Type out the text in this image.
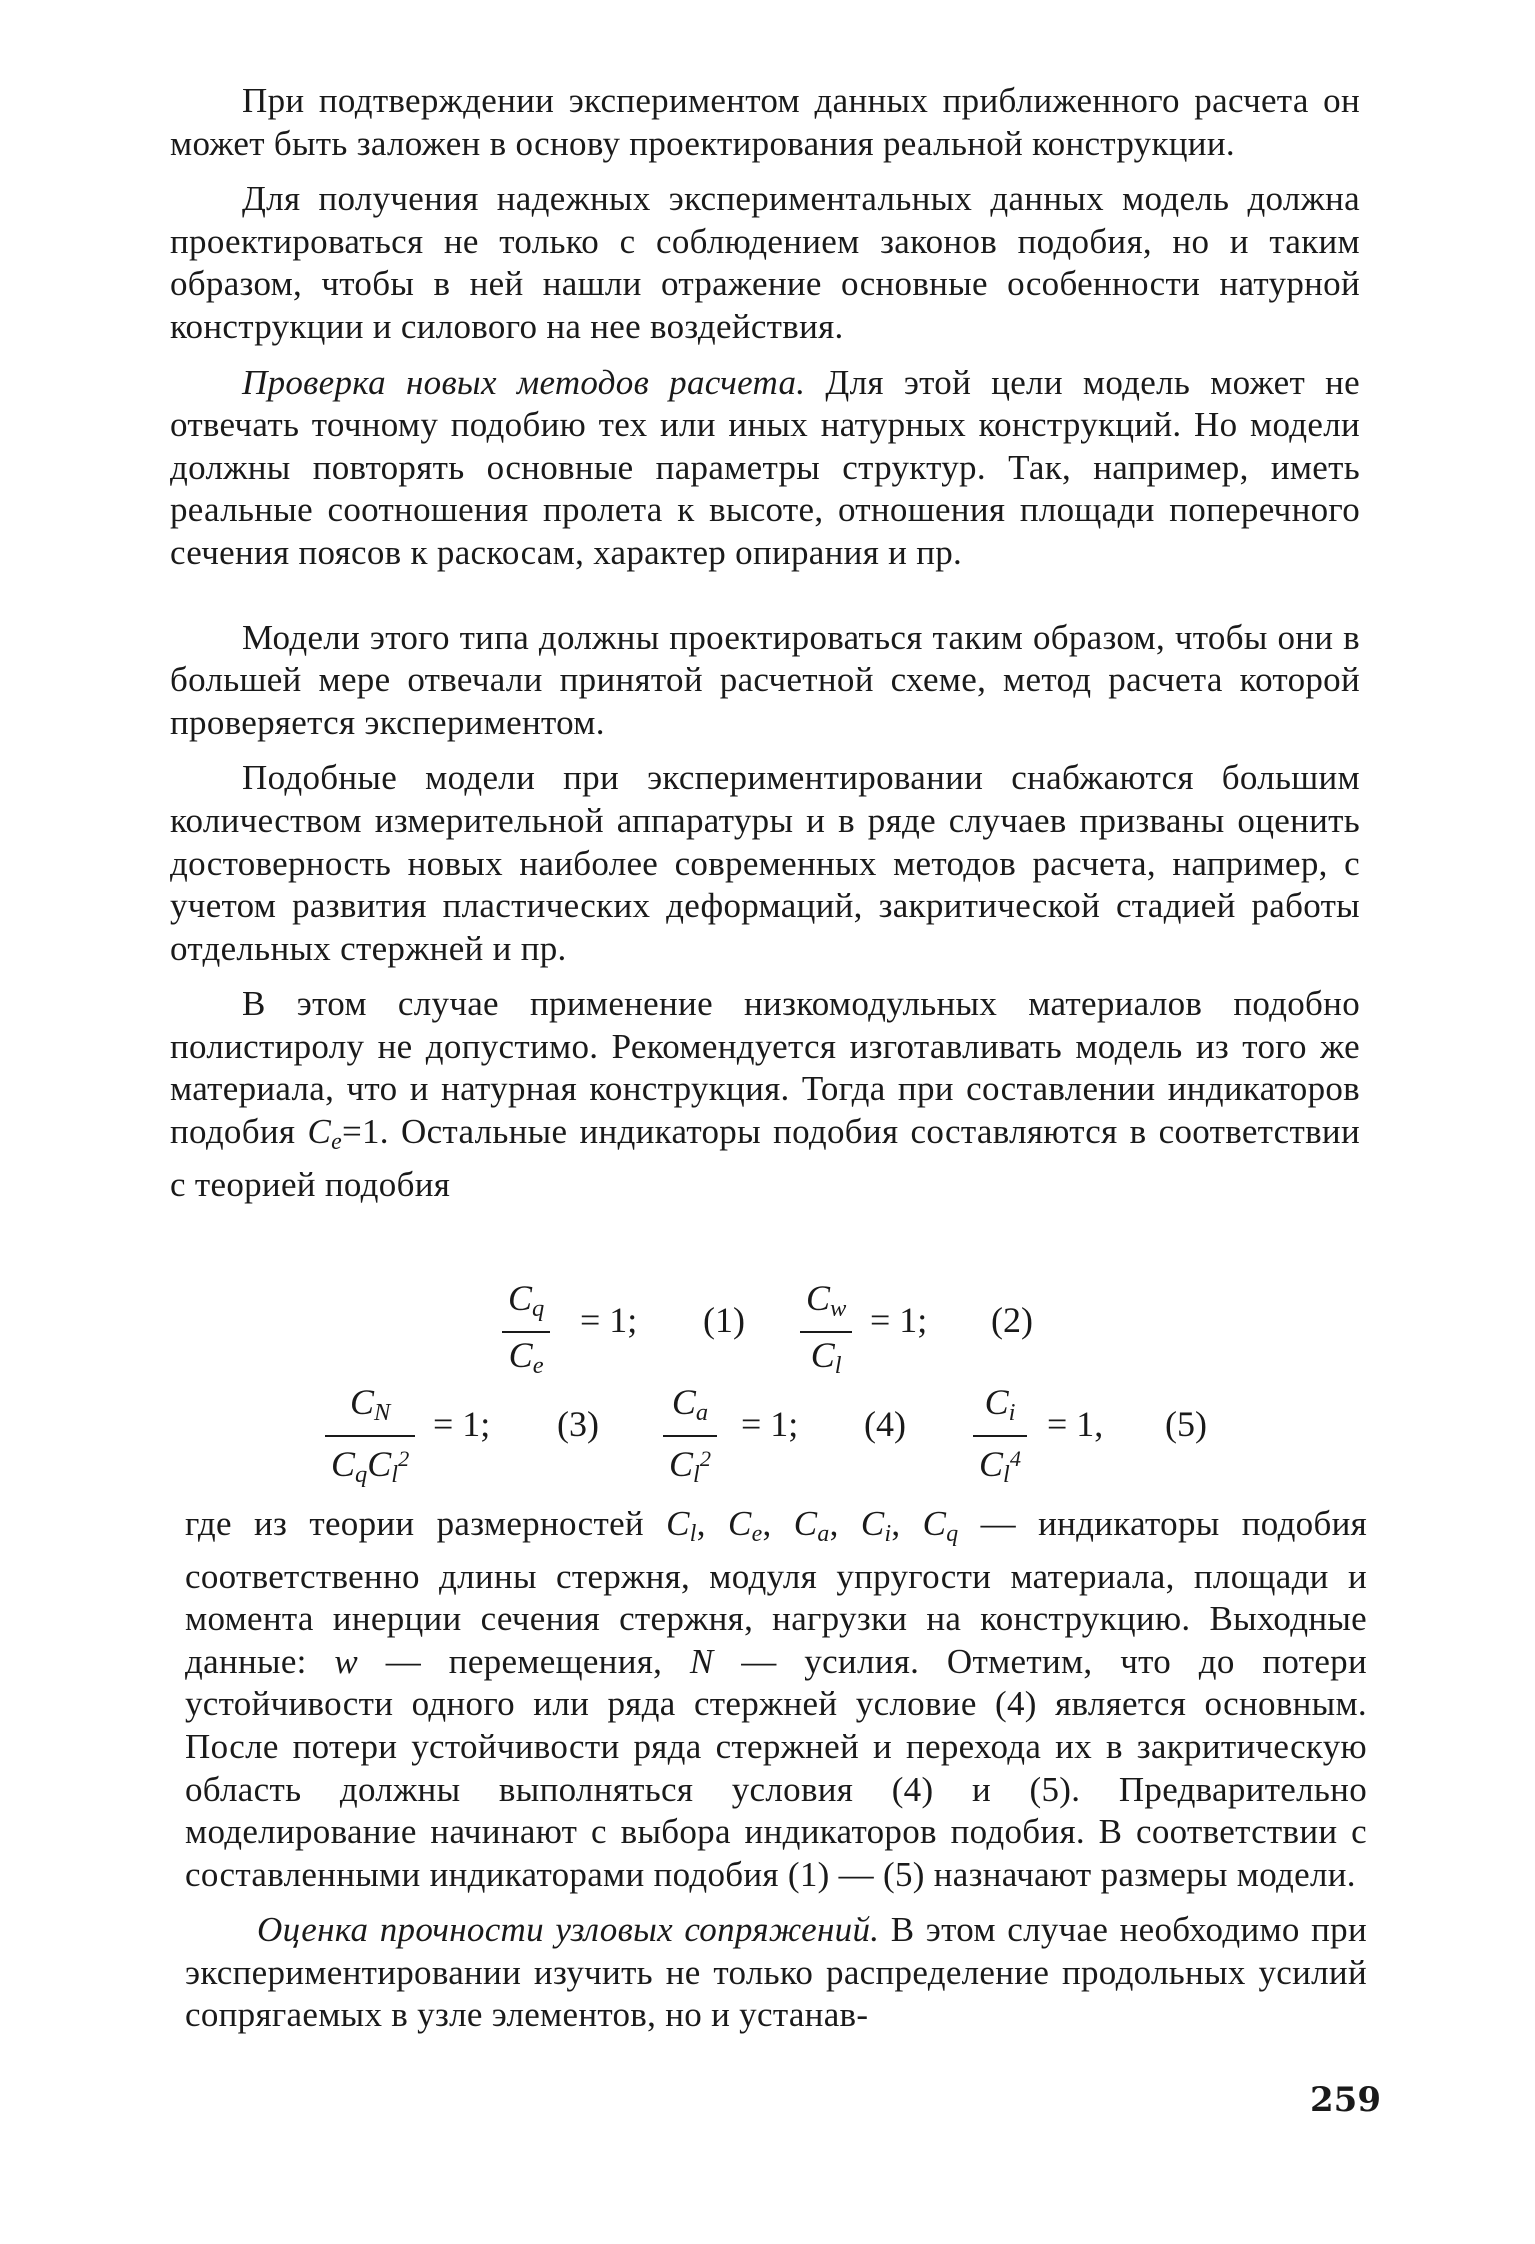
При подтверждении экспериментом данных приближенного расчета он может быть заложен в основу проектирования реальной конструкции.

Для получения надежных экспериментальных данных модель должна проектироваться не только с соблюдением законов подобия, но и таким образом, чтобы в ней нашли отражение основные особенности натурной конструкции и силового на нее воздействия.

Проверка новых методов расчета. Для этой цели модель может не отвечать точному подобию тех или иных натурных конструкций. Но модели должны повторять основные параметры структур. Так, например, иметь реальные соотношения пролета к высоте, отношения площади поперечного сечения поясов к раскосам, характер опирания и пр.

Модели этого типа должны проектироваться таким образом, чтобы они в большей мере отвечали принятой расчетной схеме, метод расчета которой проверяется экспериментом.

Подобные модели при экспериментировании снабжаются большим количеством измерительной аппаратуры и в ряде случаев призваны оценить достоверность новых наиболее современных методов расчета, например, с учетом развития пластических деформаций, закритической стадией работы отдельных стержней и пр.

В этом случае применение низкомодульных материалов подобно полистиролу не допустимо. Рекомендуется изготавливать модель из того же материала, что и натурная конструкция. Тогда при составлении индикаторов подобия $C_e=1$. Остальные индикаторы подобия составляются в соответствии с теорией подобия

$C_q$
$C_e$
= 1; (1)
$C_w$
$C_l$
= 1; (2)
$C_N$
$C_qC_l^2$
= 1; (3)
$C_a$
$C_l^2$
= 1; (4)
$C_i$
$C_l^4$
= 1, (5)

где из теории размерностей $C_l$, $C_e$, $C_a$, $C_i$, $C_q$ — индикаторы подобия соответственно длины стержня, модуля упругости материала, площади и момента инерции сечения стержня, нагрузки на конструкцию. Выходные данные: w — перемещения, N — усилия. Отметим, что до потери устойчивости одного или ряда стержней условие (4) является основным. После потери устойчивости ряда стержней и перехода их в закритическую область должны выполняться условия (4) и (5). Предварительно моделирование начинают с выбора индикаторов подобия. В соответствии с составленными индикаторами подобия (1) — (5) назначают размеры модели.

Оценка прочности узловых сопряжений. В этом случае необходимо при экспериментировании изучить не только распределение продольных усилий сопрягаемых в узле элементов, но и устанав-

259
